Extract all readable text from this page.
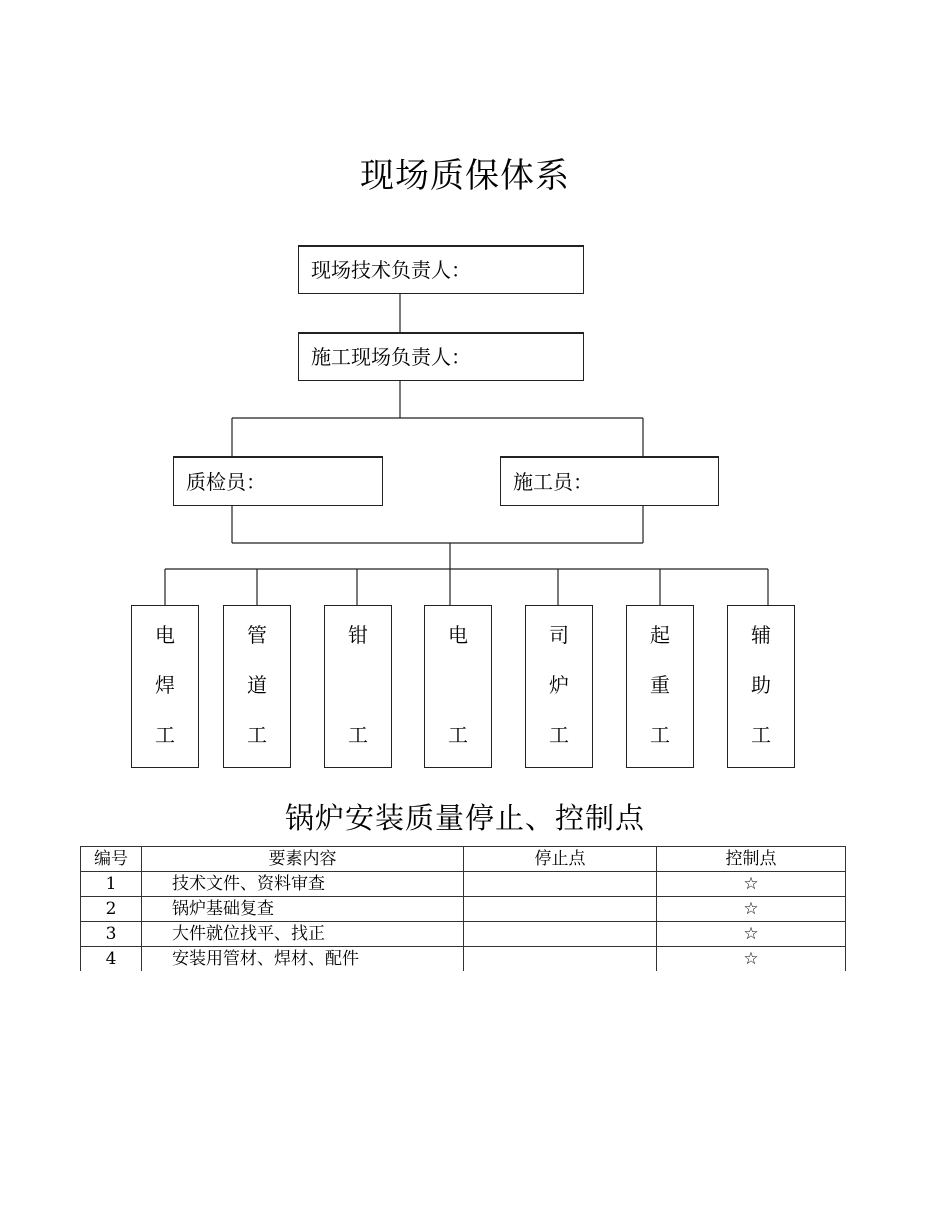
现场质保体系
现场技术负责人：
施工现场负责人：
质检员：	施工员：
电
焊
工
管
道
工
钳
工
电
工
司
炉
工
起
重
工
辅
助
工
锅炉安装质量停止、控制点
编号	要素内容	停止点	控制点
1	技术文件、资料审查		☆
2	锅炉基础复查		☆
3	大件就位找平、找正		☆
4	安装用管材、焊材、配件		☆
